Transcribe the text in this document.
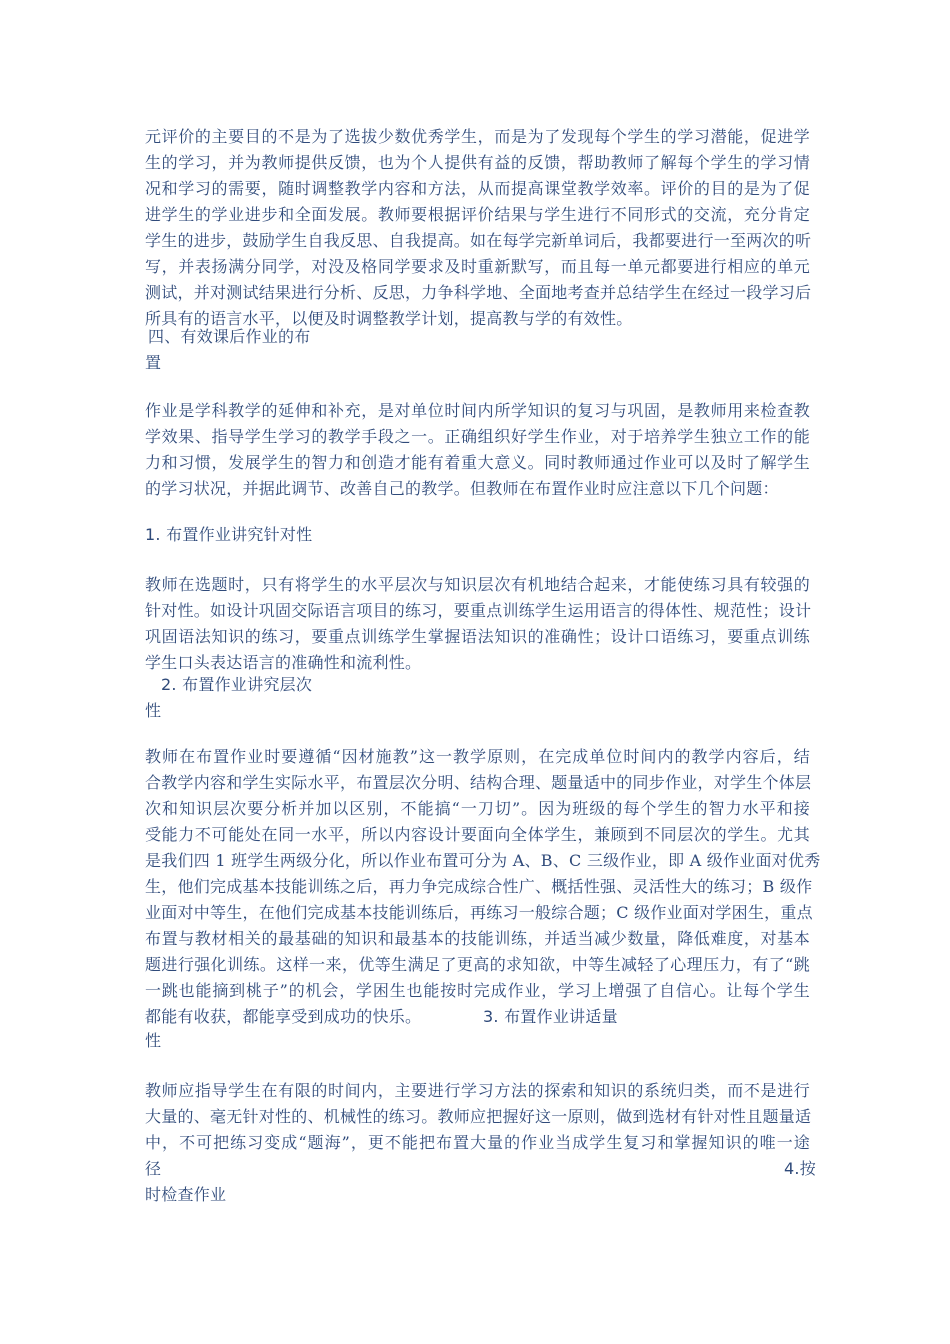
元评价的主要目的不是为了选拔少数优秀学生，而是为了发现每个学生的学习潜能，促进学
生的学习，并为教师提供反馈，也为个人提供有益的反馈，帮助教师了解每个学生的学习情
况和学习的需要，随时调整教学内容和方法，从而提高课堂教学效率。评价的目的是为了促
进学生的学业进步和全面发展。教师要根据评价结果与学生进行不同形式的交流，充分肯定
学生的进步，鼓励学生自我反思、自我提高。如在每学完新单词后，我都要进行一至两次的听
写，并表扬满分同学，对没及格同学要求及时重新默写，而且每一单元都要进行相应的单元
测试，并对测试结果进行分析、反思，力争科学地、全面地考查并总结学生在经过一段学习后
所具有的语言水平，以便及时调整教学计划，提高教与学的有效性。
四、有效课后作业的布
置
作业是学科教学的延伸和补充，是对单位时间内所学知识的复习与巩固，是教师用来检查教
学效果、指导学生学习的教学手段之一。正确组织好学生作业，对于培养学生独立工作的能
力和习惯，发展学生的智力和创造才能有着重大意义。同时教师通过作业可以及时了解学生
的学习状况，并据此调节、改善自己的教学。但教师在布置作业时应注意以下几个问题：
1. 布置作业讲究针对性
教师在选题时，只有将学生的水平层次与知识层次有机地结合起来，才能使练习具有较强的
针对性。如设计巩固交际语言项目的练习，要重点训练学生运用语言的得体性、规范性；设计
巩固语法知识的练习，要重点训练学生掌握语法知识的准确性；设计口语练习，要重点训练
学生口头表达语言的准确性和流利性。
2. 布置作业讲究层次
性
教师在布置作业时要遵循“因材施教”这一教学原则，在完成单位时间内的教学内容后，结
合教学内容和学生实际水平，布置层次分明、结构合理、题量适中的同步作业，对学生个体层
次和知识层次要分析并加以区别，不能搞“一刀切”。因为班级的每个学生的智力水平和接
受能力不可能处在同一水平，所以内容设计要面向全体学生，兼顾到不同层次的学生。尤其
是我们四 1 班学生两级分化，所以作业布置可分为 A、B、C 三级作业，即 A 级作业面对优秀
生，他们完成基本技能训练之后，再力争完成综合性广、概括性强、灵活性大的练习；B 级作
业面对中等生，在他们完成基本技能训练后，再练习一般综合题；C 级作业面对学困生，重点
布置与教材相关的最基础的知识和最基本的技能训练，并适当减少数量，降低难度，对基本
题进行强化训练。这样一来，优等生满足了更高的求知欲，中等生减轻了心理压力，有了“跳
一跳也能摘到桃子”的机会，学困生也能按时完成作业，学习上增强了自信心。让每个学生
都能有收获，都能享受到成功的快乐。	3. 布置作业讲适量
性
教师应指导学生在有限的时间内，主要进行学习方法的探索和知识的系统归类，而不是进行
大量的、毫无针对性的、机械性的练习。教师应把握好这一原则，做到选材有针对性且题量适
中，不可把练习变成“题海”，更不能把布置大量的作业当成学生复习和掌握知识的唯一途
径	4.按
时检查作业
